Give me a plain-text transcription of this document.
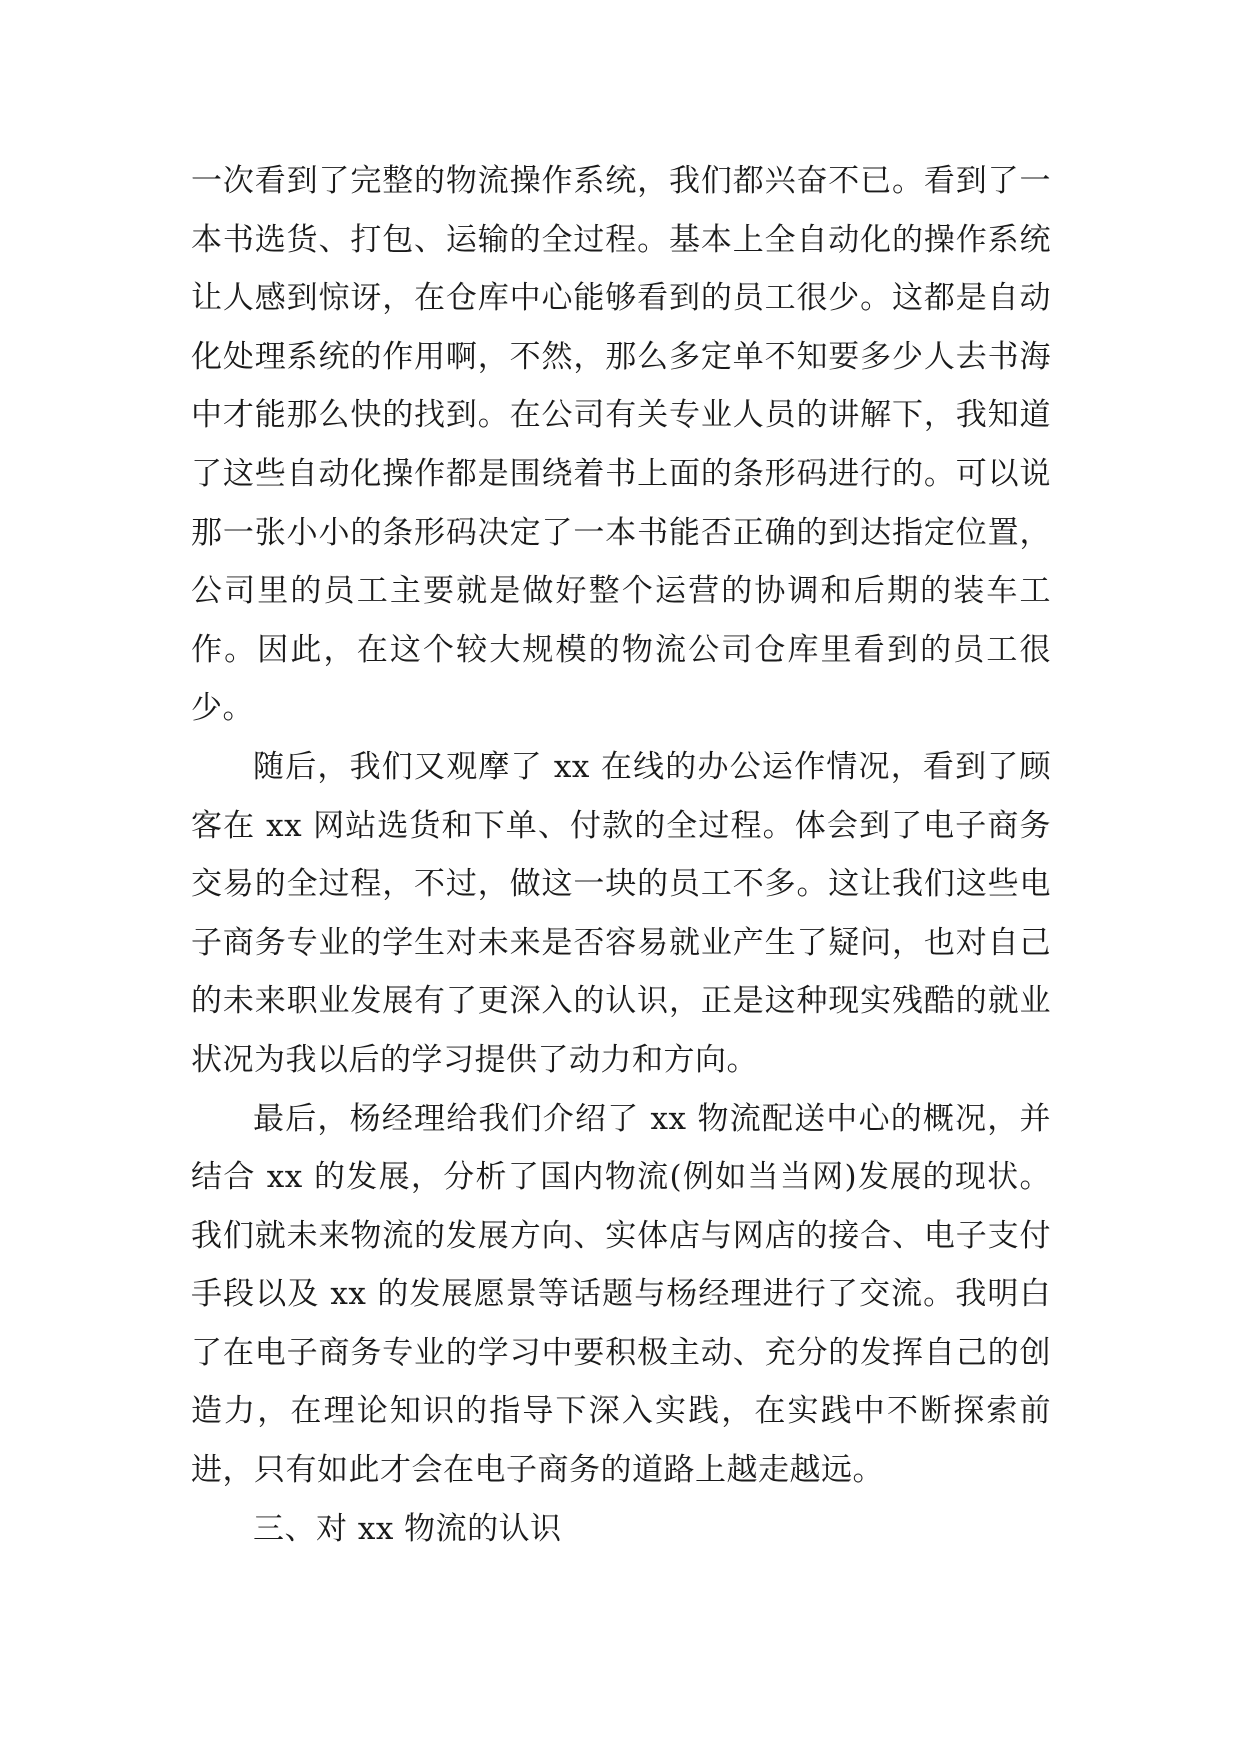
一次看到了完整的物流操作系统，我们都兴奋不已。看到了一本书选货、打包、运输的全过程。基本上全自动化的操作系统让人感到惊讶，在仓库中心能够看到的员工很少。这都是自动化处理系统的作用啊，不然，那么多定单不知要多少人去书海中才能那么快的找到。在公司有关专业人员的讲解下，我知道了这些自动化操作都是围绕着书上面的条形码进行的。可以说那一张小小的条形码决定了一本书能否正确的到达指定位置，公司里的员工主要就是做好整个运营的协调和后期的装车工作。因此，在这个较大规模的物流公司仓库里看到的员工很少。

随后，我们又观摩了 xx 在线的办公运作情况，看到了顾客在 xx 网站选货和下单、付款的全过程。体会到了电子商务交易的全过程，不过，做这一块的员工不多。这让我们这些电子商务专业的学生对未来是否容易就业产生了疑问，也对自己的未来职业发展有了更深入的认识，正是这种现实残酷的就业状况为我以后的学习提供了动力和方向。

最后，杨经理给我们介绍了 xx 物流配送中心的概况，并结合 xx 的发展，分析了国内物流(例如当当网)发展的现状。我们就未来物流的发展方向、实体店与网店的接合、电子支付手段以及 xx 的发展愿景等话题与杨经理进行了交流。我明白了在电子商务专业的学习中要积极主动、充分的发挥自己的创造力，在理论知识的指导下深入实践，在实践中不断探索前进，只有如此才会在电子商务的道路上越走越远。

三、对 xx 物流的认识
